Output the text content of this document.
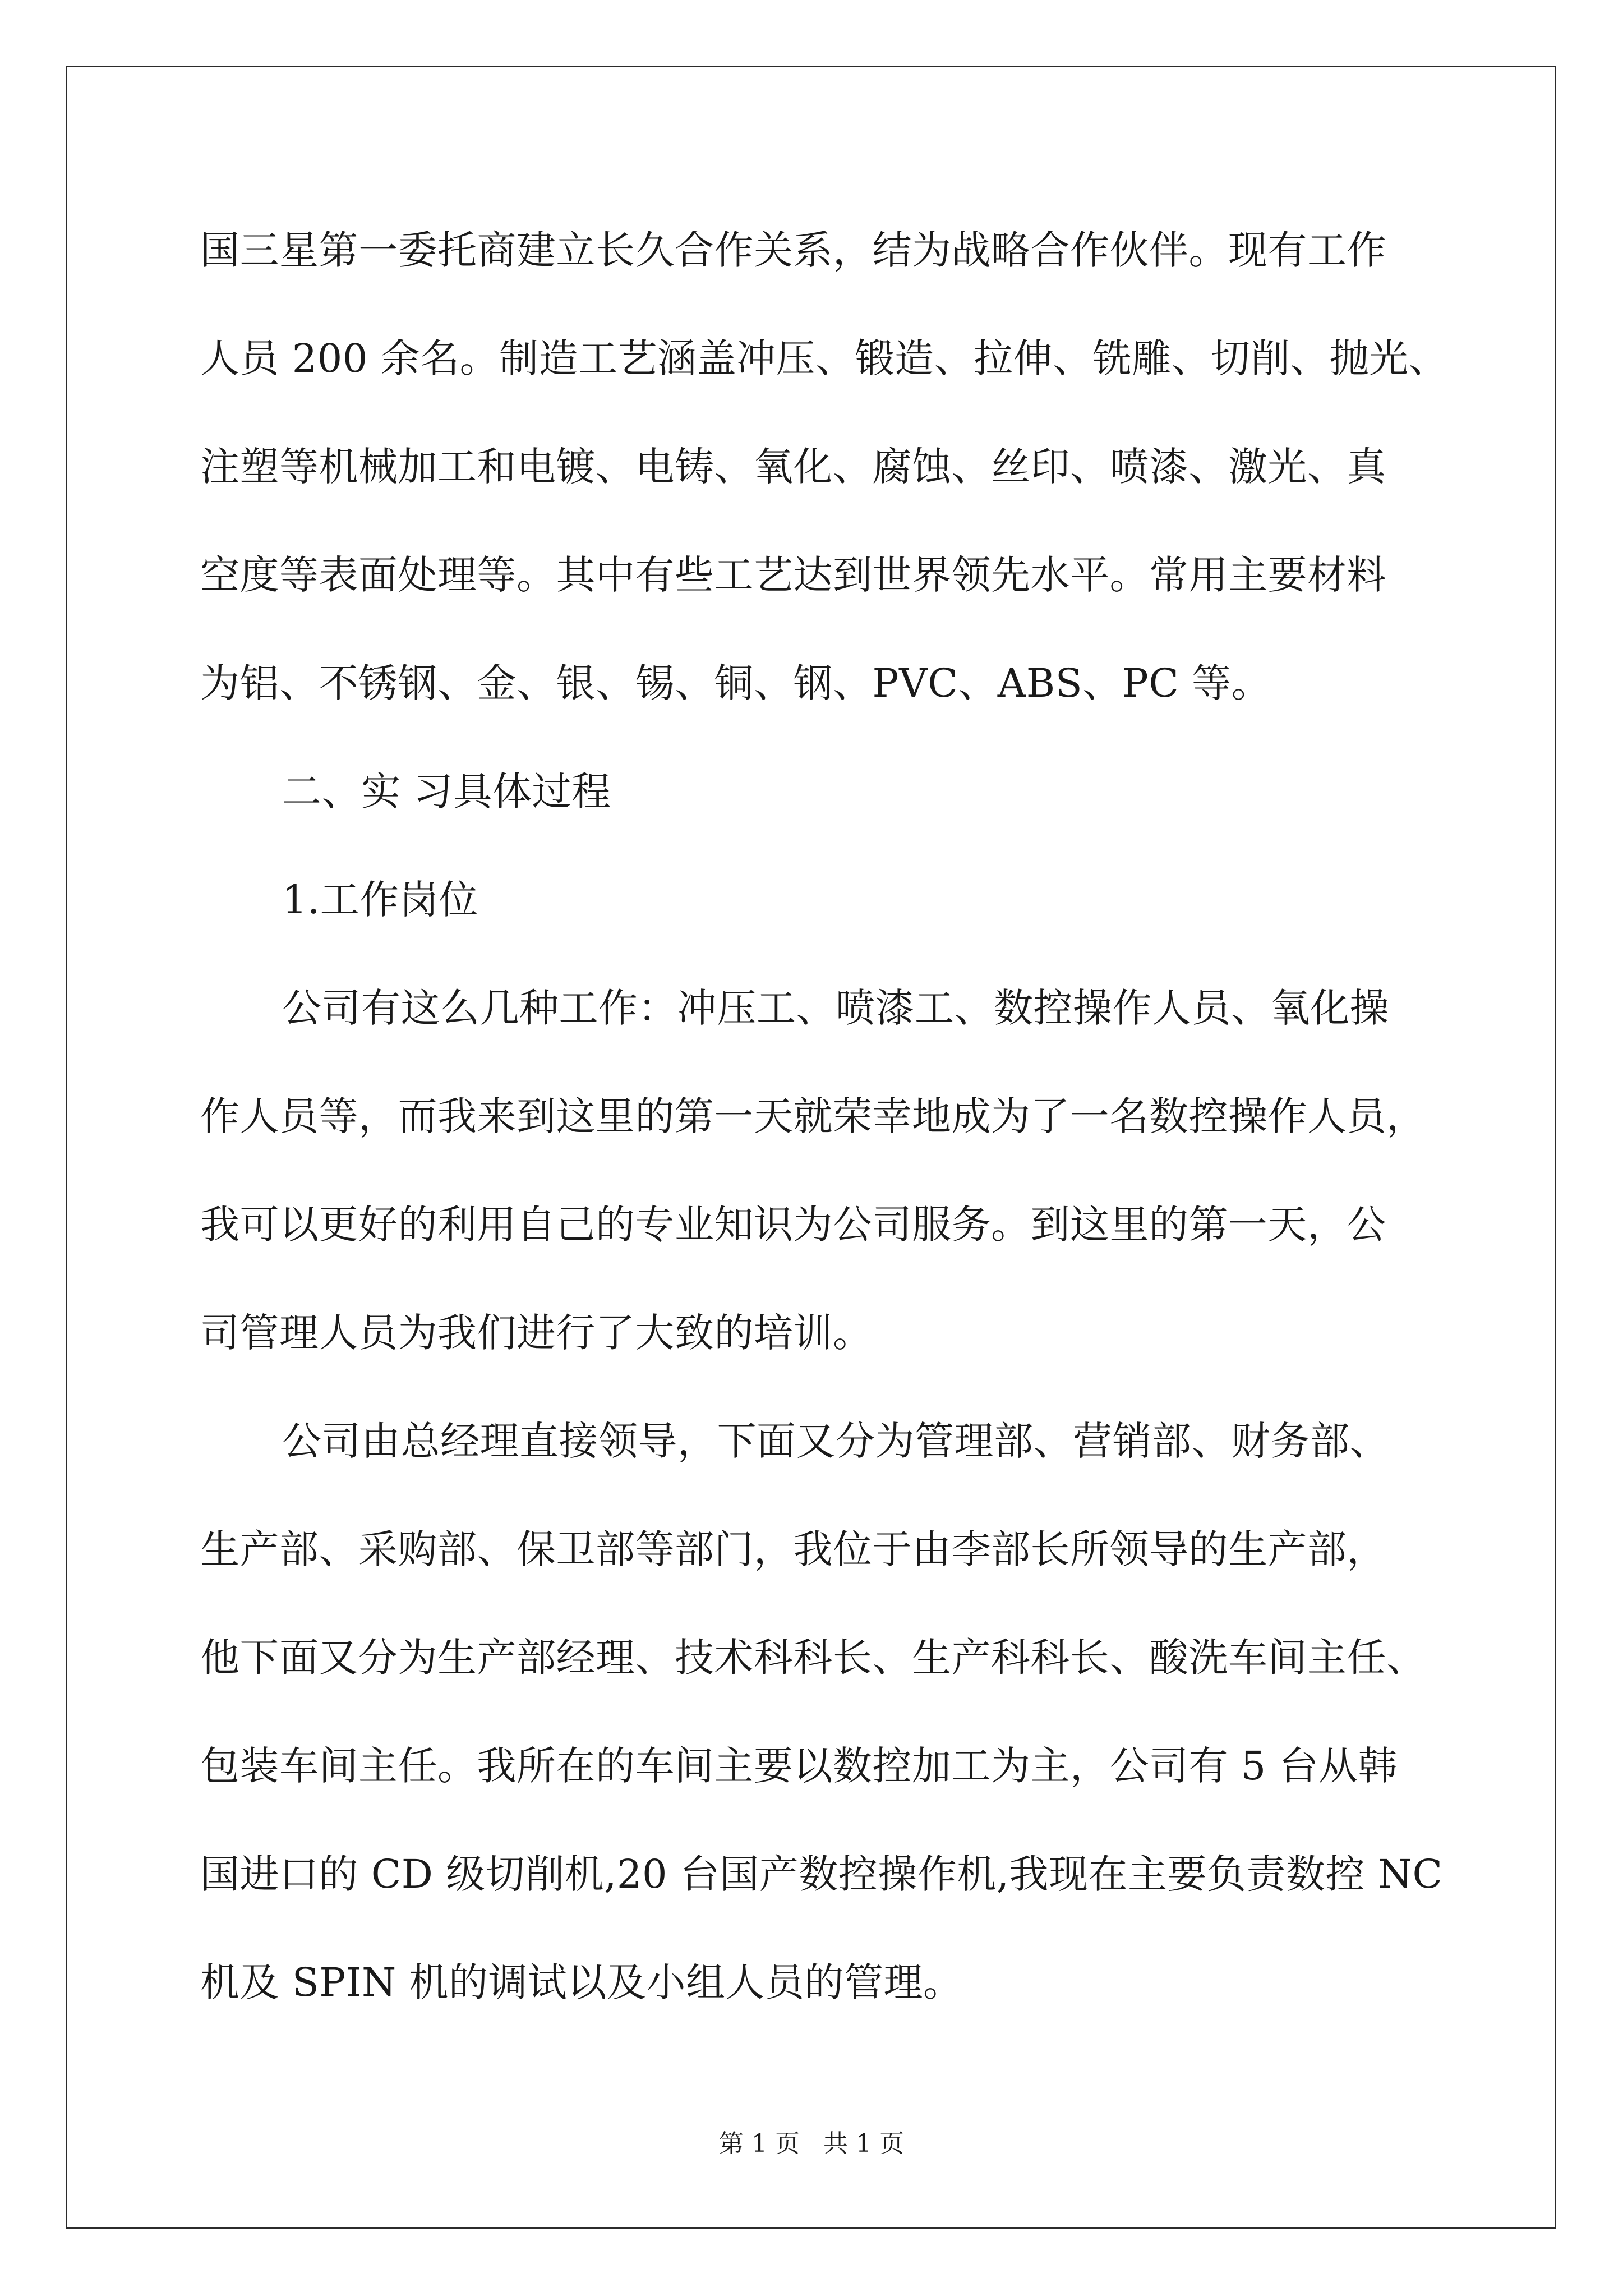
国三星第一委托商建立长久合作关系，结为战略合作伙伴。现有工作
人员 200 余名。制造工艺涵盖冲压、锻造、拉伸、铣雕、切削、抛光、
注塑等机械加工和电镀、电铸、氧化、腐蚀、丝印、喷漆、激光、真
空度等表面处理等。其中有些工艺达到世界领先水平。常用主要材料
为铝、不锈钢、金、银、锡、铜、钢、PVC、ABS、PC 等。
二、实 习具体过程
1.工作岗位
公司有这么几种工作：冲压工、喷漆工、数控操作人员、氧化操
作人员等，而我来到这里的第一天就荣幸地成为了一名数控操作人员，
我可以更好的利用自己的专业知识为公司服务。到这里的第一天，公
司管理人员为我们进行了大致的培训。
公司由总经理直接领导，下面又分为管理部、营销部、财务部、
生产部、采购部、保卫部等部门，我位于由李部长所领导的生产部，
他下面又分为生产部经理、技术科科长、生产科科长、酸洗车间主任、
包装车间主任。我所在的车间主要以数控加工为主，公司有 5 台从韩
国进口的 CD 级切削机,20 台国产数控操作机,我现在主要负责数控 NC
机及 SPIN 机的调试以及小组人员的管理。
第 1 页   共 1 页
